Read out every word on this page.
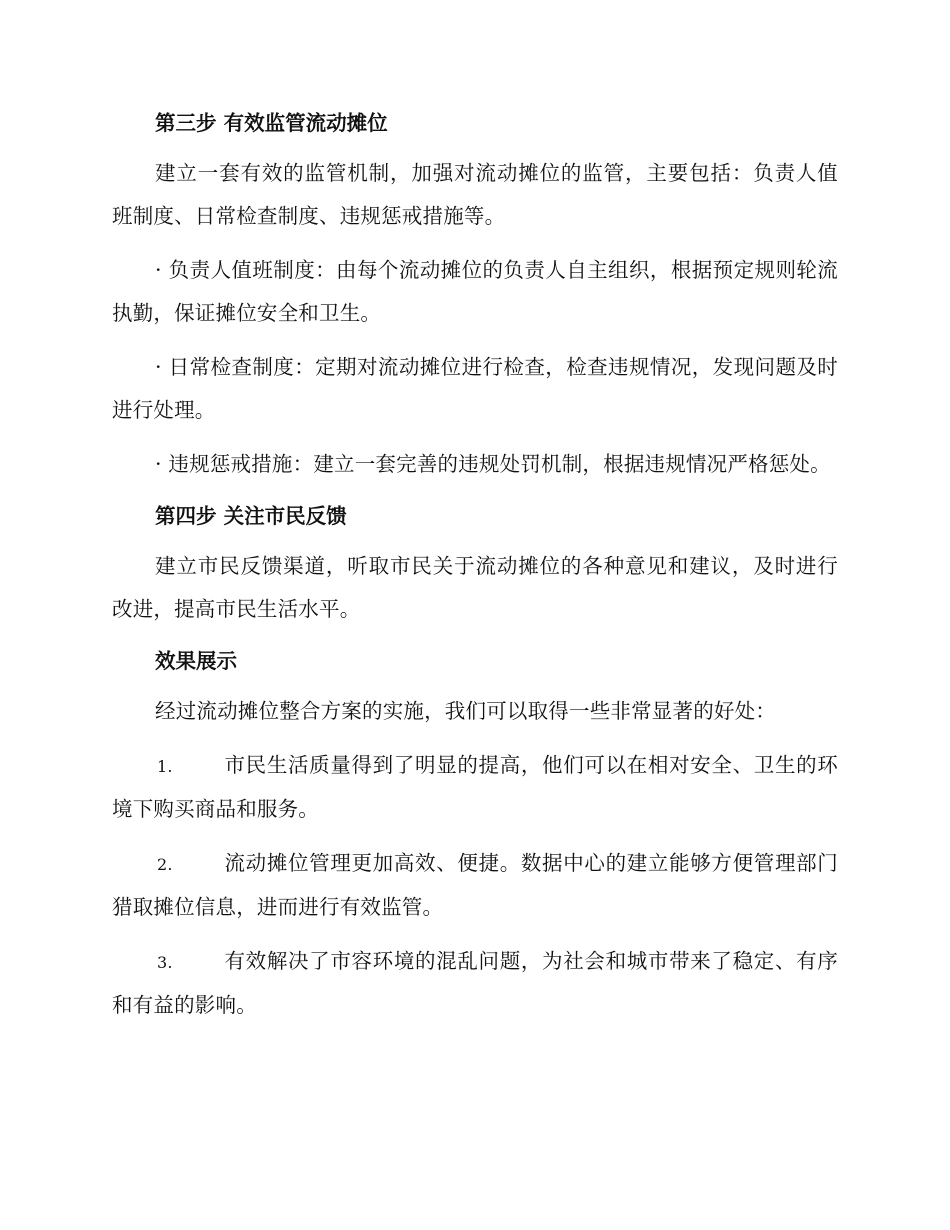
第三步 有效监管流动摊位

建立一套有效的监管机制，加强对流动摊位的监管，主要包括：负责人值班制度、日常检查制度、违规惩戒措施等。

· 负责人值班制度：由每个流动摊位的负责人自主组织，根据预定规则轮流执勤，保证摊位安全和卫生。

· 日常检查制度：定期对流动摊位进行检查，检查违规情况，发现问题及时进行处理。

· 违规惩戒措施：建立一套完善的违规处罚机制，根据违规情况严格惩处。

第四步 关注市民反馈

建立市民反馈渠道，听取市民关于流动摊位的各种意见和建议，及时进行改进，提高市民生活水平。

效果展示

经过流动摊位整合方案的实施，我们可以取得一些非常显著的好处：

1.	市民生活质量得到了明显的提高，他们可以在相对安全、卫生的环境下购买商品和服务。

2.	流动摊位管理更加高效、便捷。数据中心的建立能够方便管理部门猎取摊位信息，进而进行有效监管。

3.	有效解决了市容环境的混乱问题，为社会和城市带来了稳定、有序和有益的影响。
